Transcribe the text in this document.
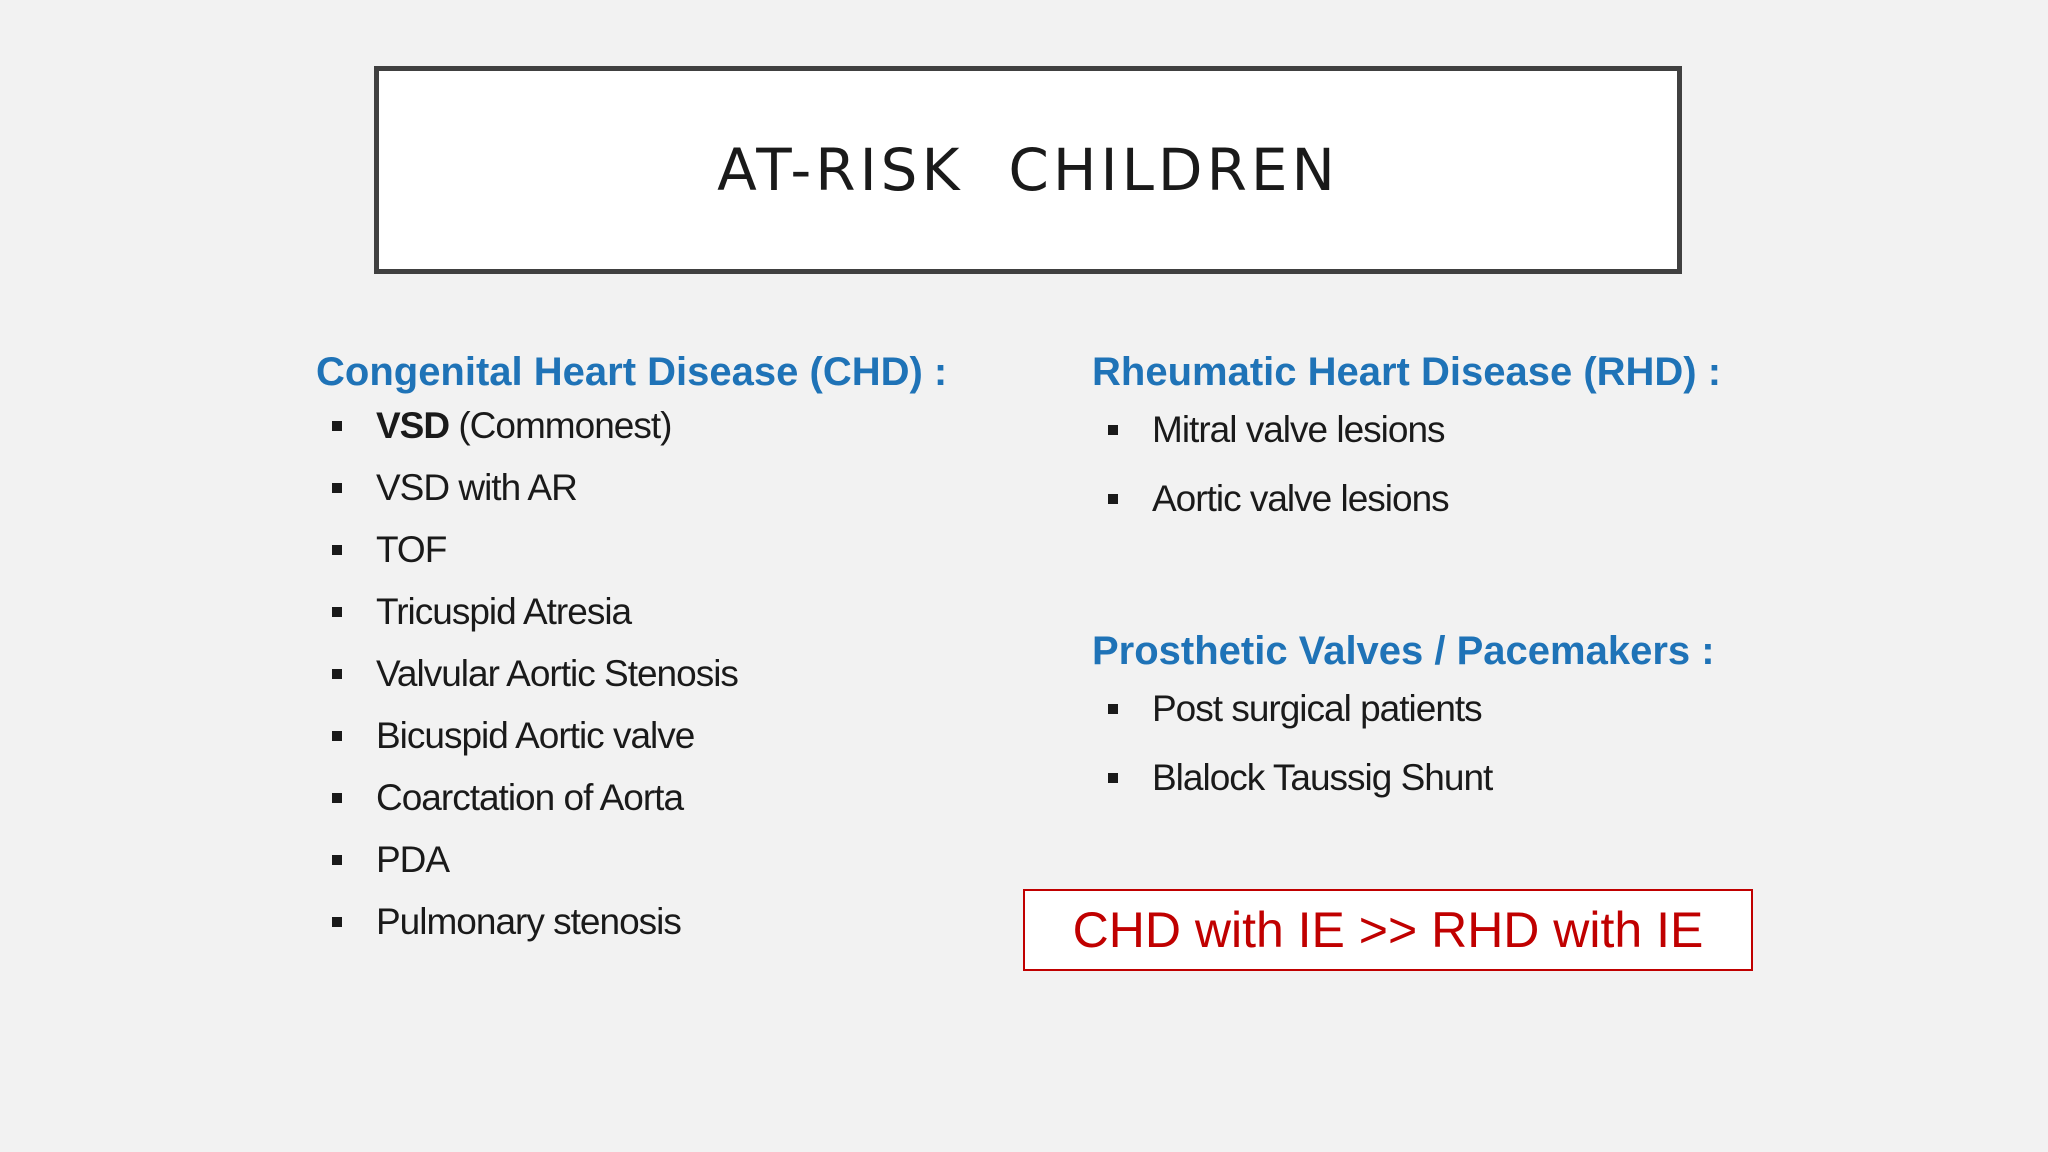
AT-RISK  CHILDREN
Congenital Heart Disease (CHD) :
VSD (Commonest)
VSD with AR
TOF
Tricuspid Atresia
Valvular Aortic Stenosis
Bicuspid Aortic valve
Coarctation of Aorta
PDA
Pulmonary stenosis
Rheumatic Heart Disease (RHD) :
Mitral valve lesions
Aortic valve lesions
Prosthetic Valves / Pacemakers :
Post surgical patients
Blalock Taussig Shunt
CHD with IE >> RHD with IE
